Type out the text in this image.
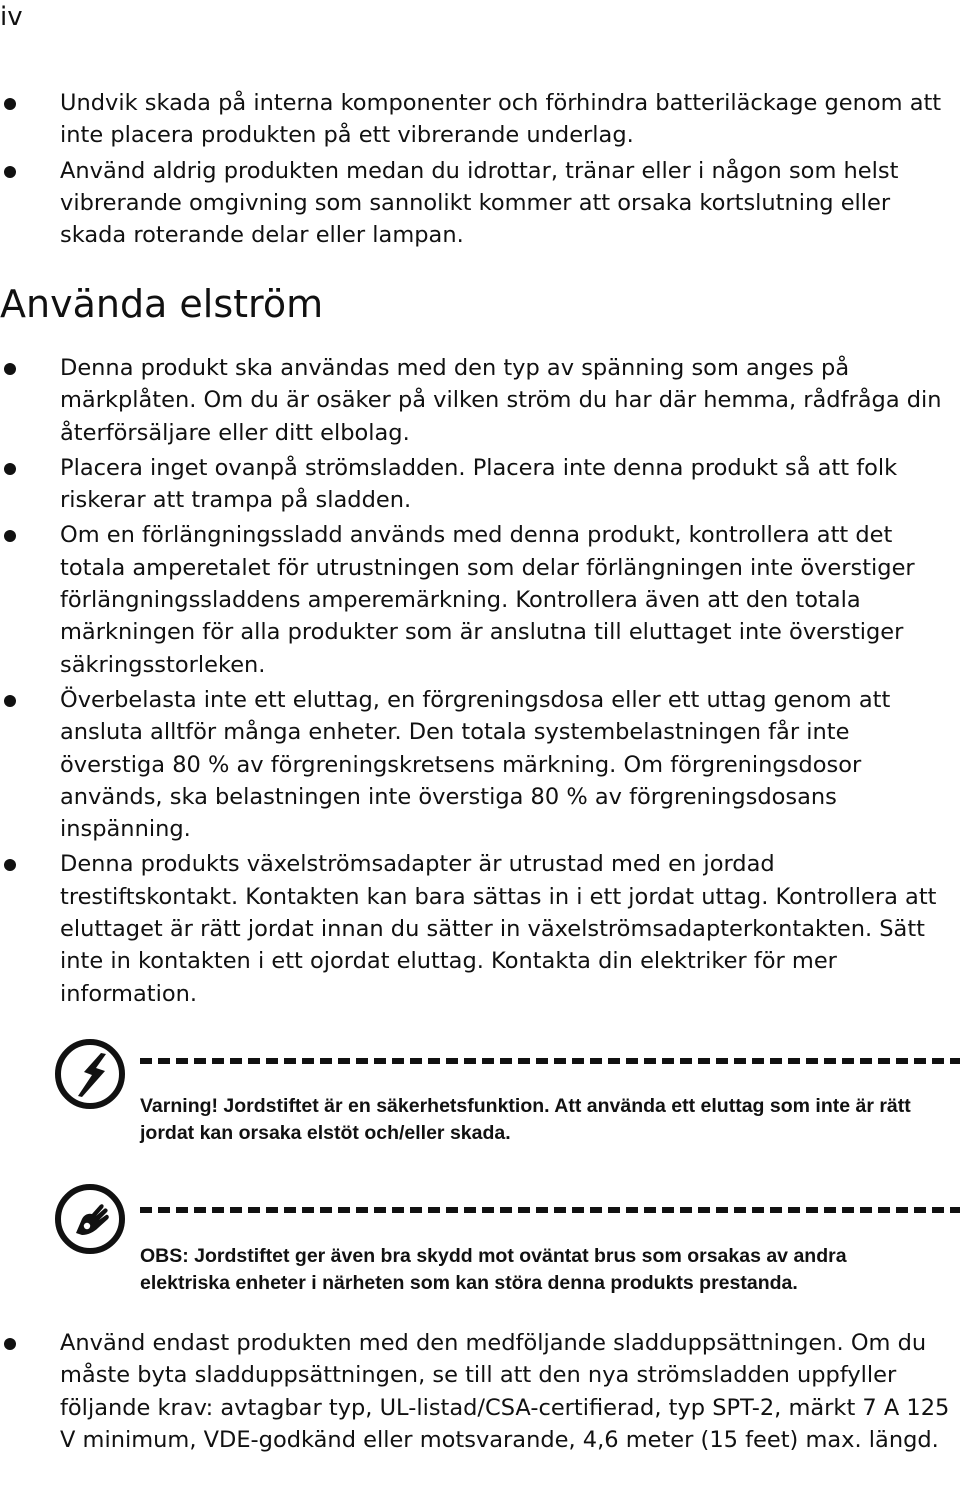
iv
Undvik skada på interna komponenter och förhindra batteriläckage genom att inte placera produkten på ett vibrerande underlag.
Använd aldrig produkten medan du idrottar, tränar eller i någon som helst vibrerande omgivning som sannolikt kommer att orsaka kortslutning eller skada roterande delar eller lampan.
Använda elström
Denna produkt ska användas med den typ av spänning som anges på märkplåten. Om du är osäker på vilken ström du har där hemma, rådfråga din återförsäljare eller ditt elbolag.
Placera inget ovanpå strömsladden. Placera inte denna produkt så att folk riskerar att trampa på sladden.
Om en förlängningssladd används med denna produkt, kontrollera att det totala amperetalet för utrustningen som delar förlängningen inte överstiger förlängningssladdens amperemärkning. Kontrollera även att den totala märkningen för alla produkter som är anslutna till eluttaget inte överstiger säkringsstorleken.
Överbelasta inte ett eluttag, en förgreningsdosa eller ett uttag genom att ansluta alltför många enheter. Den totala systembelastningen får inte överstiga 80 % av förgreningskretsens märkning. Om förgreningsdosor används, ska belastningen inte överstiga 80 % av förgreningsdosans inspänning.
Denna produkts växelströmsadapter är utrustad med en jordad trestiftskontakt. Kontakten kan bara sättas in i ett jordat uttag. Kontrollera att eluttaget är rätt jordat innan du sätter in växelströmsadapterkontakten. Sätt inte in kontakten i ett ojordat eluttag. Kontakta din elektriker för mer information.
Varning! Jordstiftet är en säkerhetsfunktion. Att använda ett eluttag som inte är rätt jordat kan orsaka elstöt och/eller skada.
OBS: Jordstiftet ger även bra skydd mot oväntat brus som orsakas av andra elektriska enheter i närheten som kan störa denna produkts prestanda.
Använd endast produkten med den medföljande sladduppsättningen. Om du måste byta sladduppsättningen, se till att den nya strömsladden uppfyller följande krav: avtagbar typ, UL-listad/CSA-certifierad, typ SPT-2, märkt 7 A 125 V minimum, VDE-godkänd eller motsvarande, 4,6 meter (15 feet) max. längd.
